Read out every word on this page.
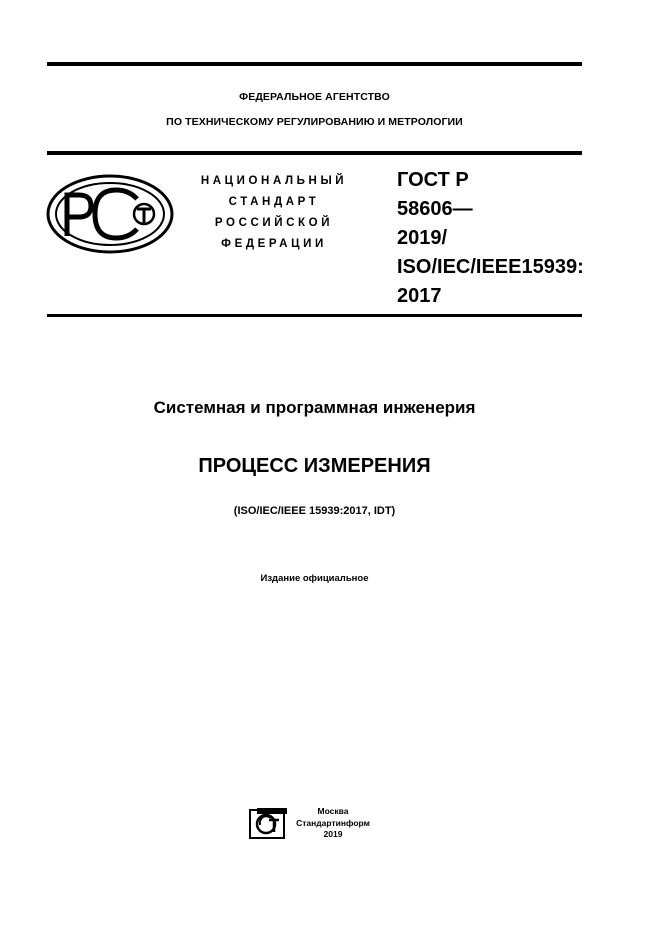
ФЕДЕРАЛЬНОЕ АГЕНТСТВО
ПО ТЕХНИЧЕСКОМУ РЕГУЛИРОВАНИЮ И МЕТРОЛОГИИ
НАЦИОНАЛЬНЫЙ
СТАНДАРТ
РОССИЙСКОЙ
ФЕДЕРАЦИИ
ГОСТ Р
58606—
2019/
ISO/IEC/IEEE15939:
2017
Системная и программная инженерия
ПРОЦЕСС ИЗМЕРЕНИЯ
(ISO/IEC/IEEE 15939:2017, IDT)
Издание официальное
Москва
Стандартинформ
2019
